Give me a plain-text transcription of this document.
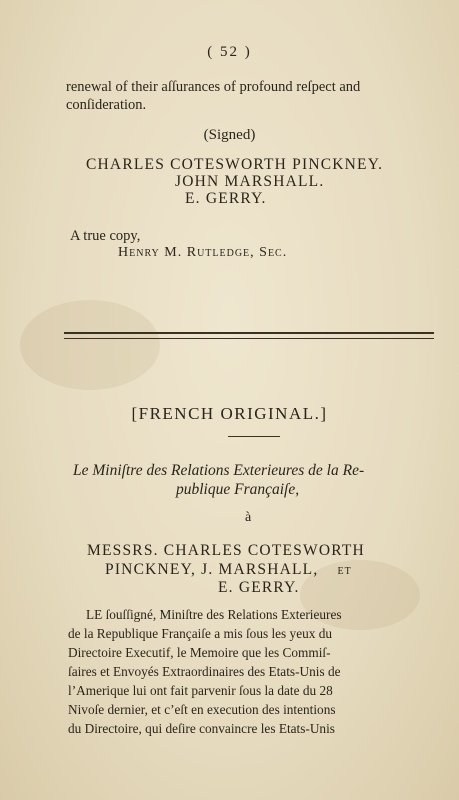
( 52 )
renewal of their aſſurances of profound reſpect and
conſideration.
(Signed)
CHARLES COTESWORTH PINCKNEY.
JOHN MARSHALL.
E. GERRY.
A true copy,
Henry M. Rutledge, Sec.
[FRENCH ORIGINAL.]
Le Miniſtre des Relations Exterieures de la Re-
publique Françaiſe,
à
MESSRS. CHARLES COTESWORTH
PINCKNEY, J. MARSHALL, ET
E. GERRY.
LE ſouſſigné, Miniſtre des Relations Exterieures
de la Republique Françaiſe a mis ſous les yeux du
Directoire Executif, le Memoire que les Commiſ-
ſaires et Envoyés Extraordinaires des Etats-Unis de
l’Amerique lui ont fait parvenir ſous la date du 28
Nivoſe dernier, et c’eſt en execution des intentions
du Directoire, qui deſire convaincre les Etats-Unis
